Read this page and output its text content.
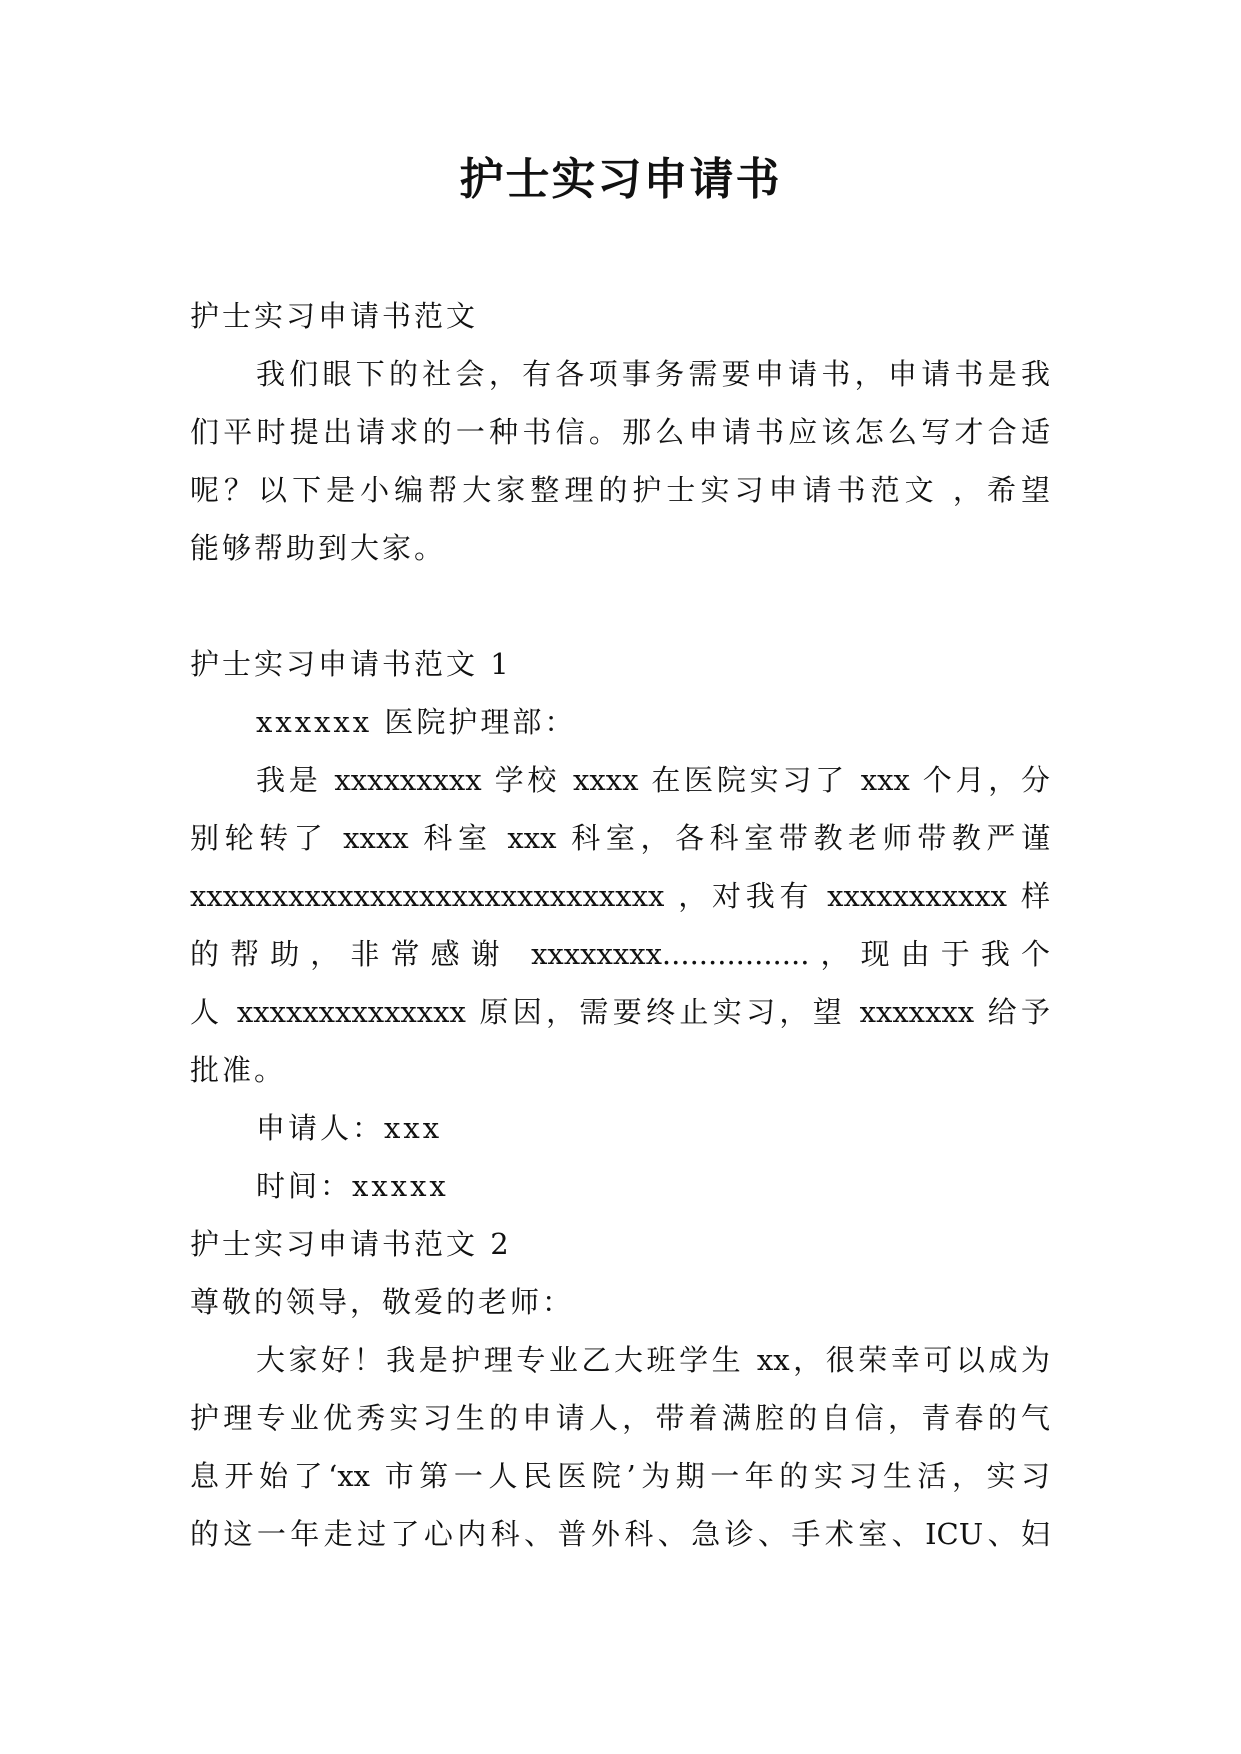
护士实习申请书
护士实习申请书范文
我们眼下的社会，有各项事务需要申请书，申请书是我
们平时提出请求的一种书信。那么申请书应该怎么写才合适
呢？以下是小编帮大家整理的护士实习申请书范文 ，希望
能够帮助到大家。
护士实习申请书范文 1
xxxxxx 医院护理部：
我是 xxxxxxxxx 学校 xxxx 在医院实习了 xxx 个月，分
别轮转了 xxxx 科室 xxx 科室，各科室带教老师带教严谨
xxxxxxxxxxxxxxxxxxxxxxxxxxxxx ，对我有 xxxxxxxxxxx 样
的帮助，非常感谢 xxxxxxxx................，现由于我个
人 xxxxxxxxxxxxxx 原因，需要终止实习，望 xxxxxxx 给予
批准。
申请人：xxx
时间：xxxxx
护士实习申请书范文 2
尊敬的领导，敬爱的老师：
大家好！我是护理专业乙大班学生 xx，很荣幸可以成为
护理专业优秀实习生的申请人，带着满腔的自信，青春的气
息开始了‘xx 市第一人民医院’为期一年的实习生活，实习
的这一年走过了心内科、普外科、急诊、手术室、ICU、妇
